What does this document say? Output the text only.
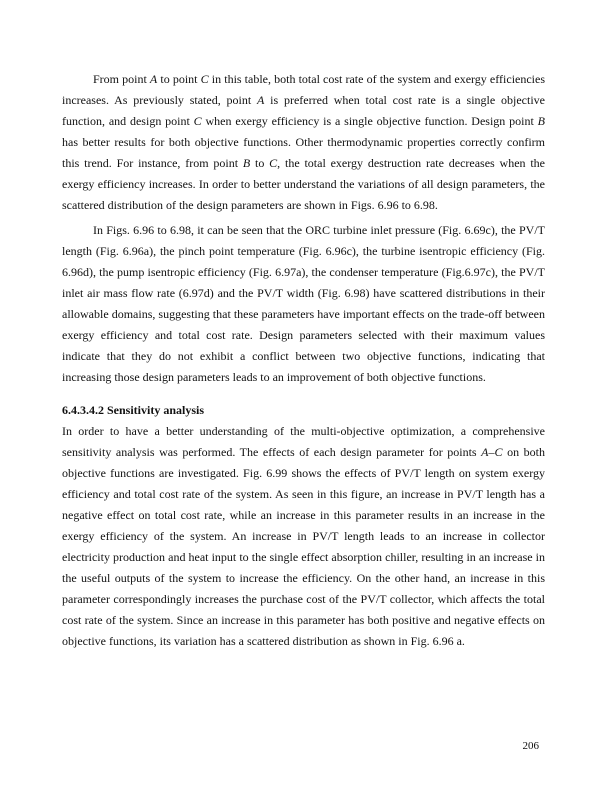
From point A to point C in this table, both total cost rate of the system and exergy efficiencies increases. As previously stated, point A is preferred when total cost rate is a single objective function, and design point C when exergy efficiency is a single objective function. Design point B has better results for both objective functions. Other thermodynamic properties correctly confirm this trend. For instance, from point B to C, the total exergy destruction rate decreases when the exergy efficiency increases. In order to better understand the variations of all design parameters, the scattered distribution of the design parameters are shown in Figs. 6.96 to 6.98.

In Figs. 6.96 to 6.98, it can be seen that the ORC turbine inlet pressure (Fig. 6.69c), the PV/T length (Fig. 6.96a), the pinch point temperature (Fig. 6.96c), the turbine isentropic efficiency (Fig. 6.96d), the pump isentropic efficiency (Fig. 6.97a), the condenser temperature (Fig.6.97c), the PV/T inlet air mass flow rate (6.97d) and the PV/T width (Fig. 6.98) have scattered distributions in their allowable domains, suggesting that these parameters have important effects on the trade-off between exergy efficiency and total cost rate. Design parameters selected with their maximum values indicate that they do not exhibit a conflict between two objective functions, indicating that increasing those design parameters leads to an improvement of both objective functions.

6.4.3.4.2 Sensitivity analysis

In order to have a better understanding of the multi-objective optimization, a comprehensive sensitivity analysis was performed. The effects of each design parameter for points A–C on both objective functions are investigated. Fig. 6.99 shows the effects of PV/T length on system exergy efficiency and total cost rate of the system. As seen in this figure, an increase in PV/T length has a negative effect on total cost rate, while an increase in this parameter results in an increase in the exergy efficiency of the system. An increase in PV/T length leads to an increase in collector electricity production and heat input to the single effect absorption chiller, resulting in an increase in the useful outputs of the system to increase the efficiency. On the other hand, an increase in this parameter correspondingly increases the purchase cost of the PV/T collector, which affects the total cost rate of the system. Since an increase in this parameter has both positive and negative effects on objective functions, its variation has a scattered distribution as shown in Fig. 6.96 a.

206
